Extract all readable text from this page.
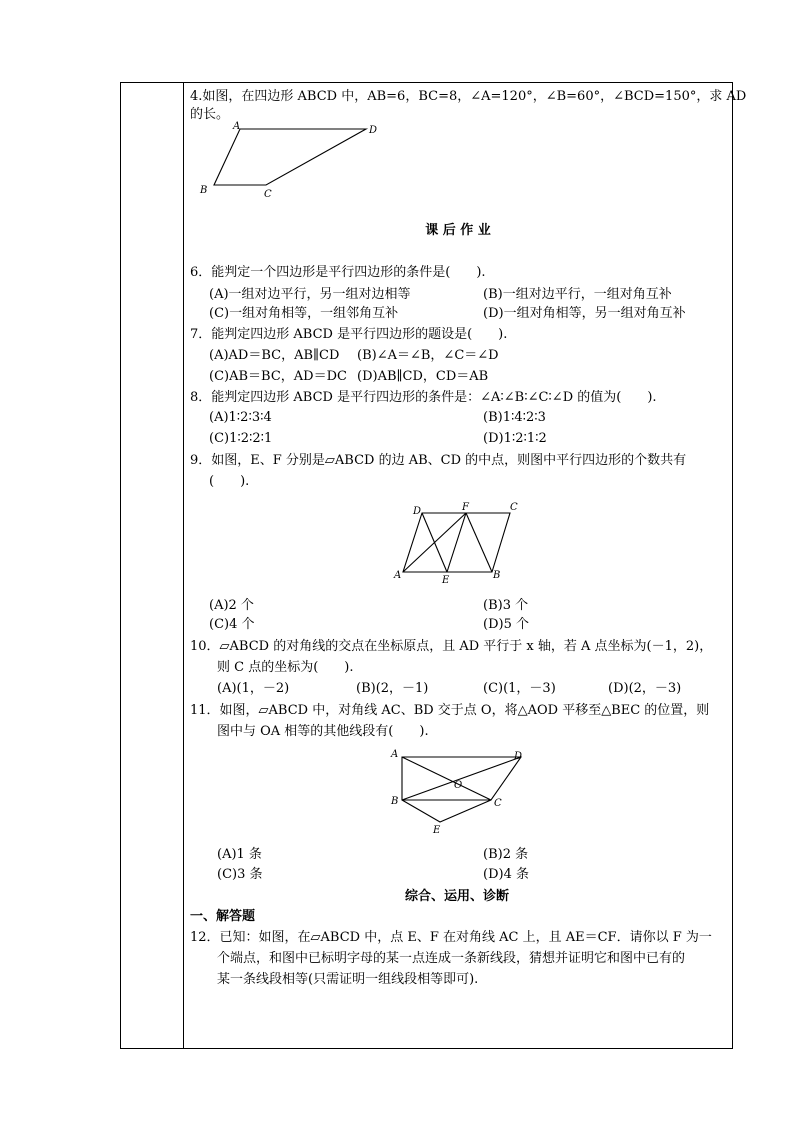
4.如图，在四边形 ABCD 中，AB=6，BC=8，∠A=120°，∠B=60°，∠BCD=150°，求 AD
的长。
A	D
B	C
课 后 作 业
6．能判定一个四边形是平行四边形的条件是(　　).
(A)一组对边平行，另一组对边相等	(B)一组对边平行，一组对角互补
(C)一组对角相等，一组邻角互补	(D)一组对角相等，另一组对角互补
7．能判定四边形 ABCD 是平行四边形的题设是(　　).
(A)AD＝BC，AB∥CD (B)∠A＝∠B，∠C＝∠D
(C)AB＝BC，AD＝DC (D)AB∥CD，CD＝AB
8．能判定四边形 ABCD 是平行四边形的条件是：∠A∶∠B∶∠C∶∠D 的值为(　　).
(A)1∶2∶3∶4	(B)1∶4∶2∶3
(C)1∶2∶2∶1	(D)1∶2∶1∶2
9．如图，E、F 分别是▱ABCD 的边 AB、CD 的中点，则图中平行四边形的个数共有
(　　).
D	F	C
A	E	B
(A)2 个	(B)3 个
(C)4 个	(D)5 个
10．▱ABCD 的对角线的交点在坐标原点，且 AD 平行于 x 轴，若 A 点坐标为(－1，2)，
则 C 点的坐标为(　　).
(A)(1，－2)	(B)(2，－1)	(C)(1，－3)	(D)(2，－3)
11．如图，▱ABCD 中，对角线 AC、BD 交于点 O，将△AOD 平移至△BEC 的位置，则
图中与 OA 相等的其他线段有(　　).
A	D
O
B	C
E
(A)1 条	(B)2 条
(C)3 条	(D)4 条
综合、运用、诊断
一、解答题
12．已知：如图，在▱ABCD 中，点 E、F 在对角线 AC 上，且 AE＝CF．请你以 F 为一
个端点，和图中已标明字母的某一点连成一条新线段，猜想并证明它和图中已有的
某一条线段相等(只需证明一组线段相等即可).
